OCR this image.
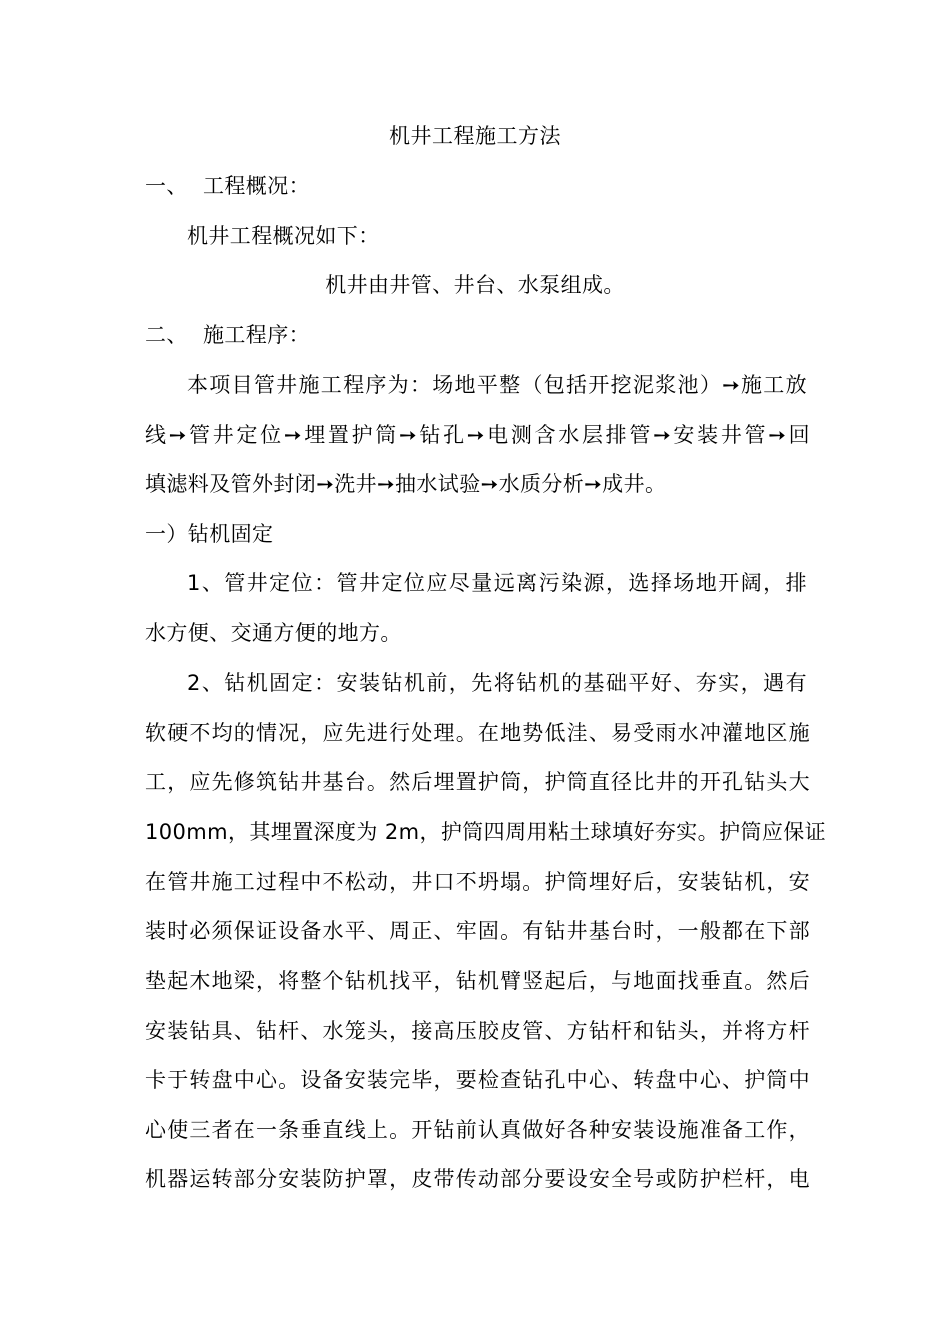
机井工程施工方法
一、 工程概况：
机井工程概况如下：
机井由井管、井台、水泵组成。
二、 施工程序：
本项目管井施工程序为：场地平整（包括开挖泥浆池）➙施工放
线➙管井定位➙埋置护筒➙钻孔➙电测含水层排管➙安装井管➙回
填滤料及管外封闭➙洗井➙抽水试验➙水质分析➙成井。
一）钻机固定
1、管井定位：管井定位应尽量远离污染源，选择场地开阔，排
水方便、交通方便的地方。
2、钻机固定：安装钻机前，先将钻机的基础平好、夯实，遇有
软硬不均的情况，应先进行处理。在地势低洼、易受雨水冲灌地区施
工，应先修筑钻井基台。然后埋置护筒，护筒直径比井的开孔钻头大
100mm，其埋置深度为 2m，护筒四周用粘土球填好夯实。护筒应保证
在管井施工过程中不松动，井口不坍塌。护筒埋好后，安装钻机，安
装时必须保证设备水平、周正、牢固。有钻井基台时，一般都在下部
垫起木地梁，将整个钻机找平，钻机臂竖起后，与地面找垂直。然后
安装钻具、钻杆、水笼头，接高压胶皮管、方钻杆和钻头，并将方杆
卡于转盘中心。设备安装完毕，要检查钻孔中心、转盘中心、护筒中
心使三者在一条垂直线上。开钻前认真做好各种安装设施准备工作，
机器运转部分安装防护罩，皮带传动部分要设安全号或防护栏杆，电
